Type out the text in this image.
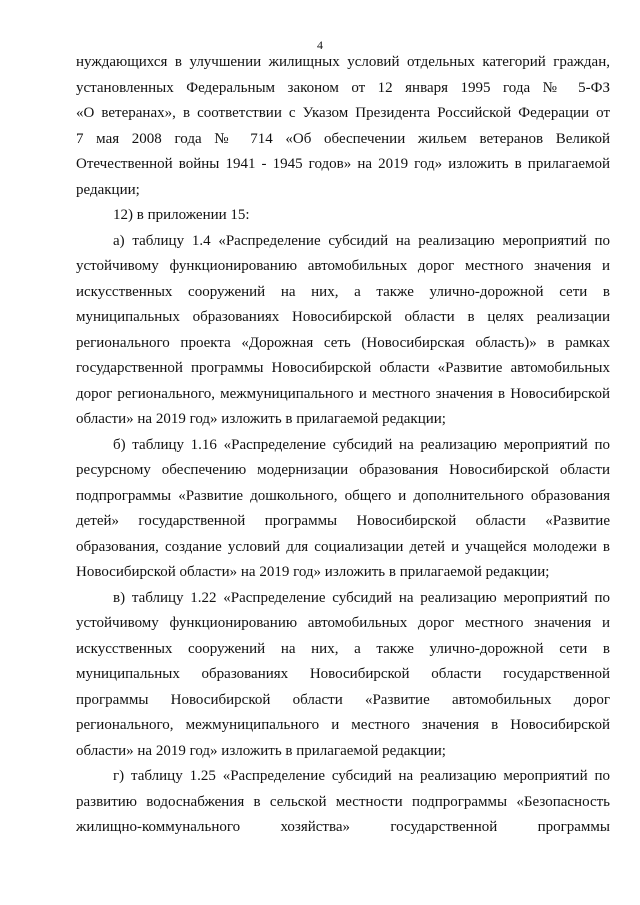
4
нуждающихся в улучшении жилищных условий отдельных категорий граждан,
установленных Федеральным законом от 12 января 1995 года № 5-ФЗ
«О ветеранах», в соответствии с Указом Президента Российской Федерации от
7 мая 2008 года № 714 «Об обеспечении жильем ветеранов Великой
Отечественной войны 1941 - 1945 годов» на 2019 год» изложить в прилагаемой
редакции;
12) в приложении 15:
а) таблицу 1.4 «Распределение субсидий на реализацию мероприятий по
устойчивому функционированию автомобильных дорог местного значения и
искусственных сооружений на них, а также улично-дорожной сети в
муниципальных образованиях Новосибирской области в целях реализации
регионального проекта «Дорожная сеть (Новосибирская область)» в рамках
государственной программы Новосибирской области «Развитие автомобильных
дорог регионального, межмуниципального и местного значения в Новосибирской
области» на 2019 год» изложить в прилагаемой редакции;
б) таблицу 1.16 «Распределение субсидий на реализацию мероприятий по
ресурсному обеспечению модернизации образования Новосибирской области
подпрограммы «Развитие дошкольного, общего и дополнительного образования
детей» государственной программы Новосибирской области «Развитие
образования, создание условий для социализации детей и учащейся молодежи в
Новосибирской области» на 2019 год» изложить в прилагаемой редакции;
в) таблицу 1.22 «Распределение субсидий на реализацию мероприятий по
устойчивому функционированию автомобильных дорог местного значения и
искусственных сооружений на них, а также улично-дорожной сети в
муниципальных образованиях Новосибирской области государственной
программы Новосибирской области «Развитие автомобильных дорог
регионального, межмуниципального и местного значения в Новосибирской
области» на 2019 год» изложить в прилагаемой редакции;
г) таблицу 1.25 «Распределение субсидий на реализацию мероприятий по
развитию водоснабжения в сельской местности подпрограммы «Безопасность
жилищно-коммунального хозяйства» государственной программы
